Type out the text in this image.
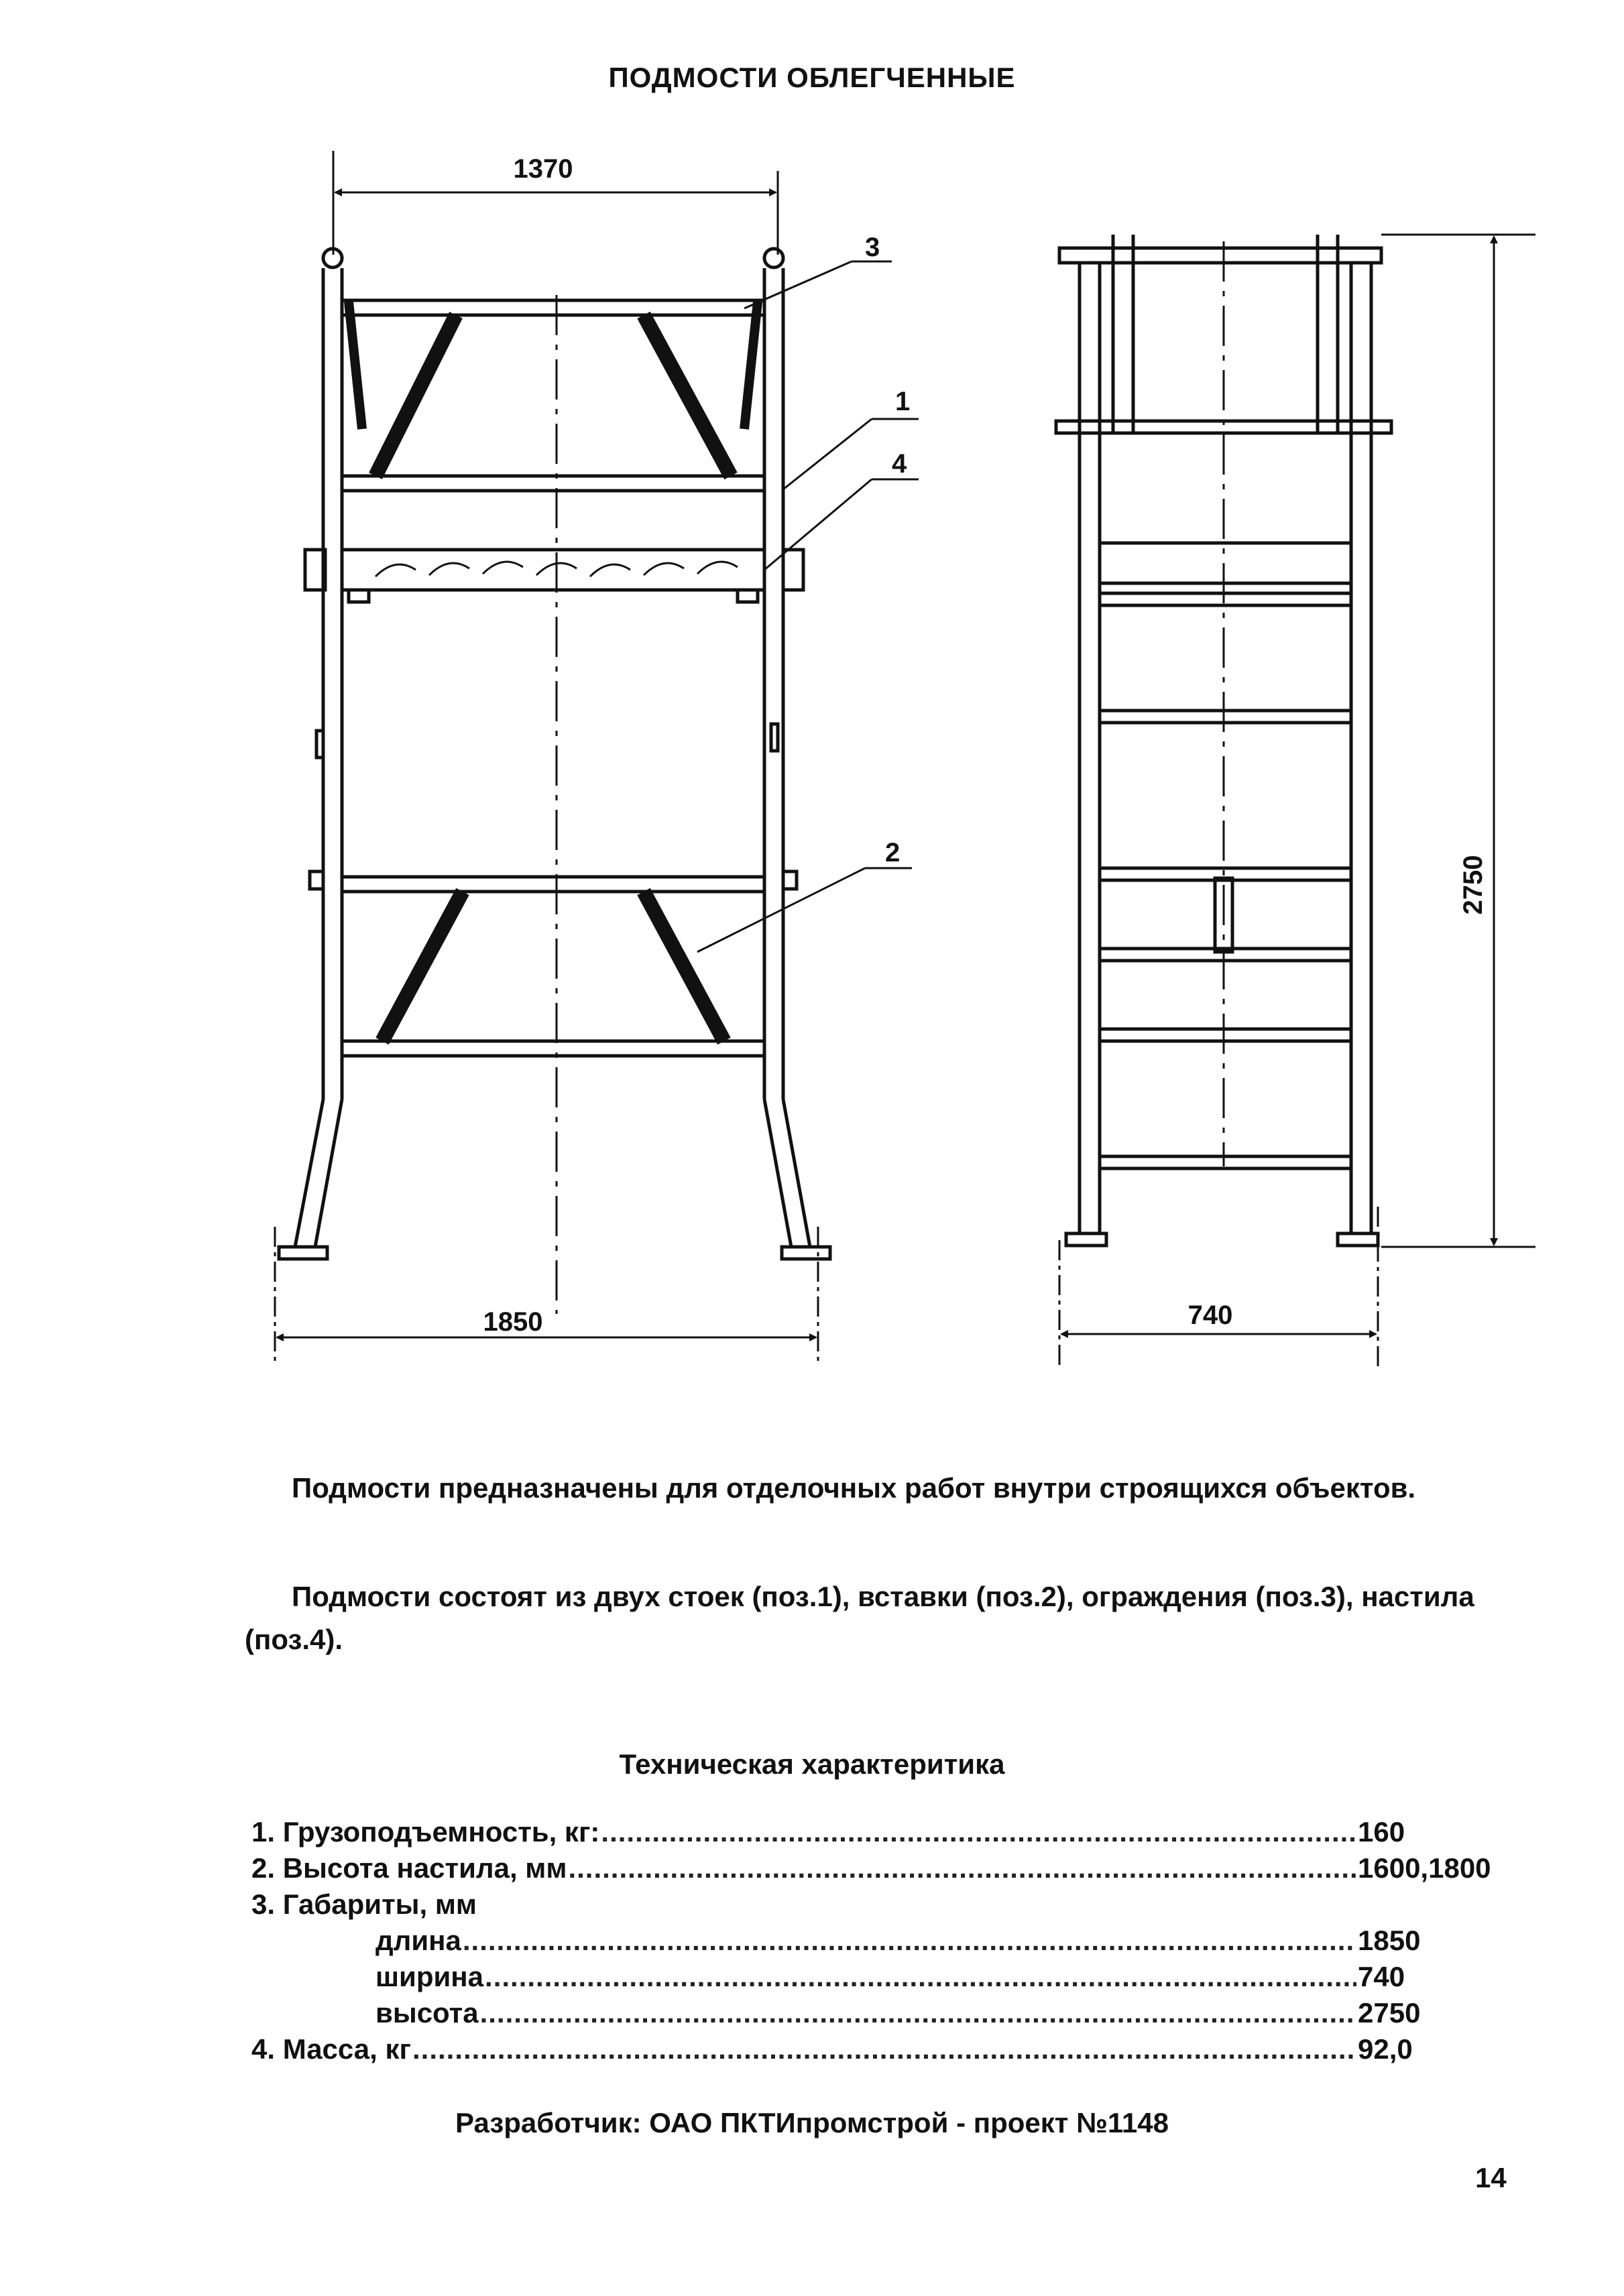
ПОДМОСТИ ОБЛЕГЧЕННЫЕ
1370
3
1
4
2
1850
2750
740
Подмости предназначены для отделочных работ внутри строящихся объектов.
Подмости состоят из двух стоек (поз.1), вставки (поз.2), ограждения (поз.3), настила (поз.4).
Техническая характеритика
1. Грузоподъемность, кг: .....	160
2. Высота настила, мм .....	1600,1800
3. Габариты, мм
длина .....	1850
ширина .....	740
высота .....	2750
4. Масса, кг .....	92,0
Разработчик: ОАО ПКТИпромстрой - проект №1148
14
